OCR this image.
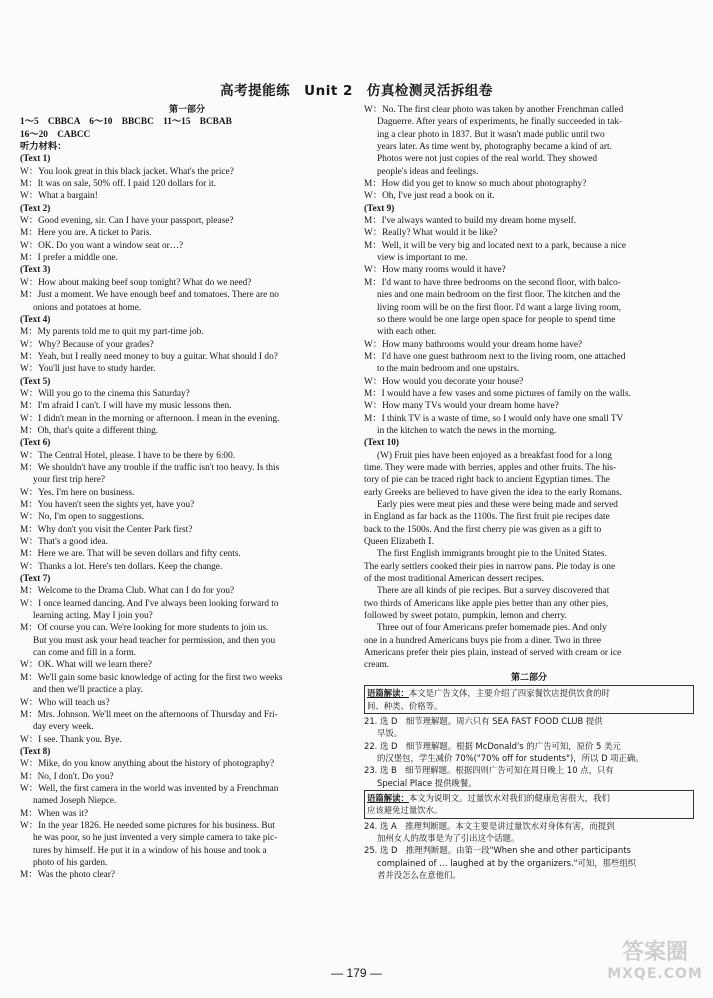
高考提能练　Unit 2　仿真检测灵活拆组卷
第一部分
1～5　CBBCA　6～10　BBCBC　11～15　BCBAB
16～20　CABCC
听力材料：
(Text 1)
W：You look great in this black jacket. What's the price?
M：It was on sale, 50% off. I paid 120 dollars for it.
W：What a bargain!
(Text 2)
W：Good evening, sir. Can I have your passport, please?
M：Here you are. A ticket to Paris.
W：OK. Do you want a window seat or…?
M：I prefer a middle one.
(Text 3)
W：How about making beef soup tonight? What do we need?
M：Just a moment. We have enough beef and tomatoes. There are no
onions and potatoes at home.
(Text 4)
M：My parents told me to quit my part-time job.
W：Why? Because of your grades?
M：Yeah, but I really need money to buy a guitar. What should I do?
W：You'll just have to study harder.
(Text 5)
W：Will you go to the cinema this Saturday?
M：I'm afraid I can't. I will have my music lessons then.
W：I didn't mean in the morning or afternoon. I mean in the evening.
M：Oh, that's quite a different thing.
(Text 6)
W：The Central Hotel, please. I have to be there by 6:00.
M：We shouldn't have any trouble if the traffic isn't too heavy. Is this
your first trip here?
W：Yes. I'm here on business.
M：You haven't seen the sights yet, have you?
W：No, I'm open to suggestions.
M：Why don't you visit the Center Park first?
W：That's a good idea.
M：Here we are. That will be seven dollars and fifty cents.
W：Thanks a lot. Here's ten dollars. Keep the change.
(Text 7)
M：Welcome to the Drama Club. What can I do for you?
W：I once learned dancing. And I've always been looking forward to
learning acting. May I join you?
M：Of course you can. We're looking for more students to join us.
But you must ask your head teacher for permission, and then you
can come and fill in a form.
W：OK. What will we learn there?
M：We'll gain some basic knowledge of acting for the first two weeks
and then we'll practice a play.
W：Who will teach us?
M：Mrs. Johnson. We'll meet on the afternoons of Thursday and Fri-
day every week.
W：I see. Thank you. Bye.
(Text 8)
W：Mike, do you know anything about the history of photography?
M：No, I don't. Do you?
W：Well, the first camera in the world was invented by a Frenchman
named Joseph Niepce.
M：When was it?
W：In the year 1826. He needed some pictures for his business. But
he was poor, so he just invented a very simple camera to take pic-
tures by himself. He put it in a window of his house and took a
photo of his garden.
M：Was the photo clear?
W：No. The first clear photo was taken by another Frenchman called
Daguerre. After years of experiments, he finally succeeded in tak-
ing a clear photo in 1837. But it wasn't made public until two
years later. As time went by, photography became a kind of art.
Photos were not just copies of the real world. They showed
people's ideas and feelings.
M：How did you get to know so much about photography?
W：Oh, I've just read a book on it.
(Text 9)
M：I've always wanted to build my dream home myself.
W：Really? What would it be like?
M：Well, it will be very big and located next to a park, because a nice
view is important to me.
W：How many rooms would it have?
M：I'd want to have three bedrooms on the second floor, with balco-
nies and one main bedroom on the first floor. The kitchen and the
living room will be on the first floor. I'd want a large living room,
so there would be one large open space for people to spend time
with each other.
W：How many bathrooms would your dream home have?
M：I'd have one guest bathroom next to the living room, one attached
to the main bedroom and one upstairs.
W：How would you decorate your house?
M：I would have a few vases and some pictures of family on the walls.
W：How many TVs would your dream home have?
M：I think TV is a waste of time, so I would only have one small TV
in the kitchen to watch the news in the morning.
(Text 10)
(W) Fruit pies have been enjoyed as a breakfast food for a long
time. They were made with berries, apples and other fruits. The his-
tory of pie can be traced right back to ancient Egyptian times. The
early Greeks are believed to have given the idea to the early Romans.
Early pies were meat pies and these were being made and served
in England as far back as the 1100s. The first fruit pie recipes date
back to the 1500s. And the first cherry pie was given as a gift to
Queen Elizabeth Ⅰ.
The first English immigrants brought pie to the United States.
The early settlers cooked their pies in narrow pans. Pie today is one
of the most traditional American dessert recipes.
There are all kinds of pie recipes. But a survey discovered that
two thirds of Americans like apple pies better than any other pies,
followed by sweet potato, pumpkin, lemon and cherry.
Three out of four Americans prefer homemade pies. And only
one in a hundred Americans buys pie from a diner. Two in three
Americans prefer their pies plain, instead of served with cream or ice
cream.
第二部分
语篇解读：本文是广告文体，主要介绍了四家餐饮店提供饮食的时
间、种类、价格等。
21. 选 D　细节理解题。周六只有 SEA FAST FOOD CLUB 提供
早饭。
22. 选 D　细节理解题。根据 McDonald's 的广告可知，原价 5 美元
的汉堡包，学生减价 70%("70% off for students")，所以 D 项正确。
23. 选 B　细节理解题。根据四则广告可知在周日晚上 10 点，只有
Special Place 提供晚餐。
语篇解读：本文为说明文。过量饮水对我们的健康危害很大，我们
应该避免过量饮水。
24. 选 A　推理判断题。本文主要是讲过量饮水对身体有害，而提到
加州女人的故事是为了引出这个话题。
25. 选 D　推理判断题。由第一段"When she and other participants
complained of … laughed at by the organizers."可知，那些组织
者并没怎么在意他们。
— 179 —
答案圈
MXQE.COM
